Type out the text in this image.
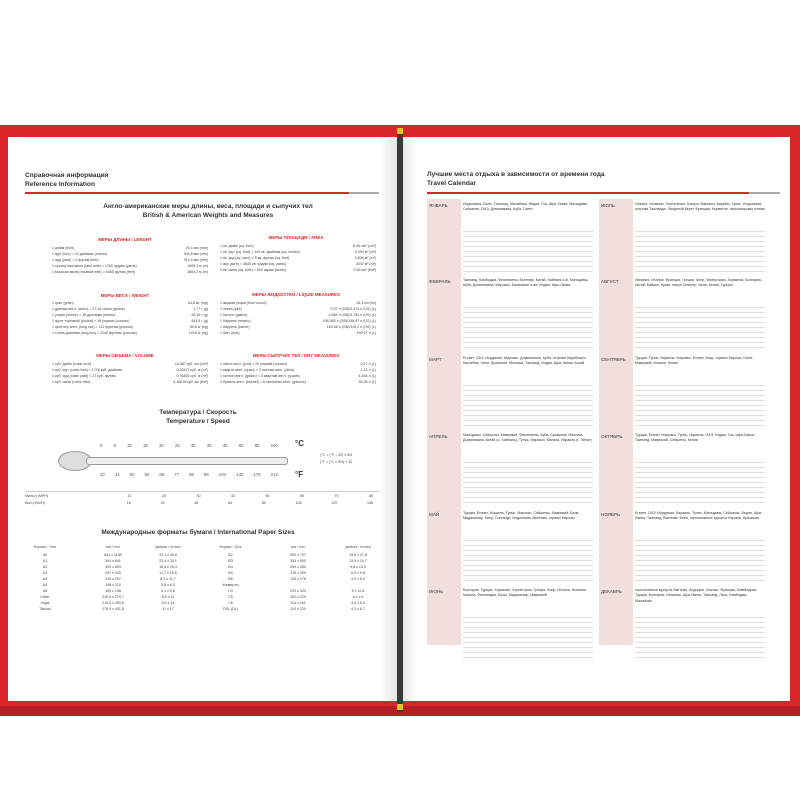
Справочная информация
Reference Information
Англо-американские меры длины, веса, площади и сыпучих тел
British & American Weights and Measures
МЕРЫ ДЛИНЫ / LENGHT
1 дюйм (inch)	25,4 мм (mm)
1 фут (foot) = 12 дюймам (inches)	304,8 мм (mm)
1 ярд (yard) = 3 футам (feet)	914,4 мм (mm)
1 сухопутная миля (land mile) = 1760 ярдам (yards)	1609,3 м (m)
1 морская миля (nautical mile) = 6080 футам (feet)	1853,2 м (m)
МЕРЫ ПЛОЩАДИ / AREA
1 кв. дюйм (sq. inch)	6,45 см² (cm²)
1 кв. фут (sq. foot) = 144 кв. дюймам (sq. inches)	0,093 м² (m²)
1 кв. ярд (sq. yard) = 9 кв. футам (sq. feet)	0,836 м² (m²)
1 акр (acre) = 4840 кв. ярдам (sq. yards)	4047 м² (m²)
1 кв. миля (sq. mile) = 640 акрам (acres)	2,59 км² (km²)
МЕРЫ ВЕСА / WEIGHT
1 гран (grain)	64,8 мг (mg)
1 драхма англ. (dram) = 27,34 грана (grains)	1,77 г (g)
1 унция (ounce) = 16 драхмам (drams)	28,35 г (g)
1 фунт торговый (pound) = 16 унциям (ounces)	453,6 г (g)
1 центнер англ. (long cwt) = 112 фунтам (pounds)	50,8 кг (kg)
1 тонна длинная (long ton) = 2240 фунтам (pounds)	1016 кг (kg)
МЕРЫ ЖИДКОСТЕЙ / LIQUID MEASURES
1 жидкая унция (fluid ounce)	28,4 мл (ml)
1 пинта (pint)	0,57 л (GB)/0,473 л (US) (L)
1 галлон (gallon)	4,546 л (GB)/3,784 л (US) (L)
1 баррель (нефть)	158,988 л (GB)/158,97 л (US) (L)
1 баррель (barrel)	163,65 л (GB)/119,2 л (US) (L)
1 батт (butt)	490,97 л (L)
МЕРЫ ОБЪЕМА / VOLUME
1 куб. дюйм (cubic inch)	16,387 куб. см (cm³)
1 куб. фут (cubic foot) = 1728 куб. дюймам	0,02817 куб. м (m³)
1 куб. ярд (cubic yard) = 27 куб. футам	0,76455 куб. м (m³)
1 куб. миля (cubic mile)	4,16818 куб. км (km³)
МЕРЫ СЫПУЧИХ ТЕЛ / DRY MEASURES
1 пинта англ. (pint) = 20 унциям (ounces)	0,57 л (L)
1 кварта англ. (quart) = 2 пинтам англ. (pints)	1,13 л (L)
1 галлон англ. (gallon) = 4 квартам англ. (quarts)	4,546 л (L)
1 бушель англ. (bushel) = 8 галлонам англ. (gallons)	36,36 л (L)
Температура / Скорость
Temperature / Speed
0	5	10	15	20	25	30	35	40	60	80	100 °C
°F
32 41 50 59 68 77 86 95 104 140 176 212
(°C = (°F – 32) x 5/9
(°F = (°C x 9/5) + 32
Миль/ч (MPH)	10	20	30	40	50	65	75	85
Км/ч (Km/H)	16	32	48	64	80	105	120	136
Международные форматы бумаги / International Paper Sizes
Формат / Size	мм / mm	дюймы / inches	Формат / Size	мм / mm	дюймы / inches
A0	841 x 1189	33,1 x 46,8	B2	500 x 707	19,6 x 27,8
A1	594 x 841	23,4 x 33,1	B3	353 x 500	13,9 x 19,7
A2	420 x 594	16,5 x 23,4	B4	250 x 353	9,8 x 13,9
A3	297 x 420	11,7 x 16,5	B5	176 x 250	6,9 x 9,8
A4	210 x 297	8,3 x 11,7	B6	125 x 176	4,9 x 6,9
A5	148 x 210	5,8 x 8,3	Конверты
A6	105 x 148	4,1 x 5,8	C4	229 x 324	9 x 12,8
Letter	215,9 x 279,7	8,5 x 11	C5	162 x 229	6,4 x 9
Legal	215,9 x 355,6	8,5 x 14	C6	114 x 162	4,5 x 6,4
Tabloid	279,4 x 431,8	11 x 17	DSL (DL)	110 x 220	4,3 x 8,7
Лучшие места отдыха в зависимости от времени года
Travel Calendar
ЯНВАРЬ	Индонезия, Бали, Таиланд, Малайзия, Индия, Гоа, Шри-Ланка, Мальдивы, Сейшелы, ОАЭ, Доминикана, Куба, Гаити
ФЕВРАЛЬ	Таиланд, Камбоджа, Филиппины, Вьетнам, Китай, Хайнань о-в, Мальдивы, Куба, Доминикана, Марокко, Багамские о-ва, Индия, Шри-Ланка
МАРТ	Египет, ОАЭ, Иордания, Марокко, Доминикана, Куба, острова Карибского бассейна, Чили, Бразилия, Мексика, Таиланд, Индия, Шри-Ланка, Китай
АПРЕЛЬ	Мальдивы, Сейшелы, Маврикий, Филиппины, Куба, Бразилия, Мексика, Доминикана, Китай (о. Хайнань), Тунис, Марокко, Мальта, Израиль (г. Эйлат)
МАЙ	Турция, Египет, Израиль, Тунис, Марокко, Сейшелы, Маврикий, Бали, Мадагаскар, Кипр, Сингапур, Индонезия, Вьетнам, страны Европы
ИЮНЬ	Болгария, Турция, Хорватия, Черногория, Греция, Кипр, Италия, Испания, Мальта, Финляндия, Бали, Мадагаскар, Маврикий
ИЮЛЬ	Италия, Испания, Португалия, Греция, Марокко, Карибы, Тунис, Индонезия, острова Таиланда, Лазурный берег Франции, Норвегия, черноморские пляжи
АВГУСТ	Испания, Италия, Франция, Греция, Кипр, Черногория, Хорватия, Болгария, Китай, Байкал, Крым, озера Селигер, Бали, Кения, Турция
СЕНТЯБРЬ	Турция, Тунис, Израиль, Марокко, Египет, Кипр, страны Европы, Бали, Маврикий, Мальта, Кения
ОКТЯБРЬ	Турция, Египет, Марокко, Тунис, Израиль, ОАЭ, Индия, Гоа, Шри-Ланка, Таиланд, Маврикий, Сейшелы, Кения
НОЯБРЬ	Египет, ОАЭ, Иордания, Израиль, Тунис, Мальдивы, Сейшелы, Индия, Шри-Ланка, Таиланд, Вьетнам, Бали, горнолыжные курорты Европы, Бразилия
ДЕКАБРЬ	горнолыжные курорты Австрии, Андорры, Италии, Франции, Швейцарии, Турция, Болгария, Испания, Шри-Ланка, Таиланд, Лаос, Камбоджа, Малайзия
